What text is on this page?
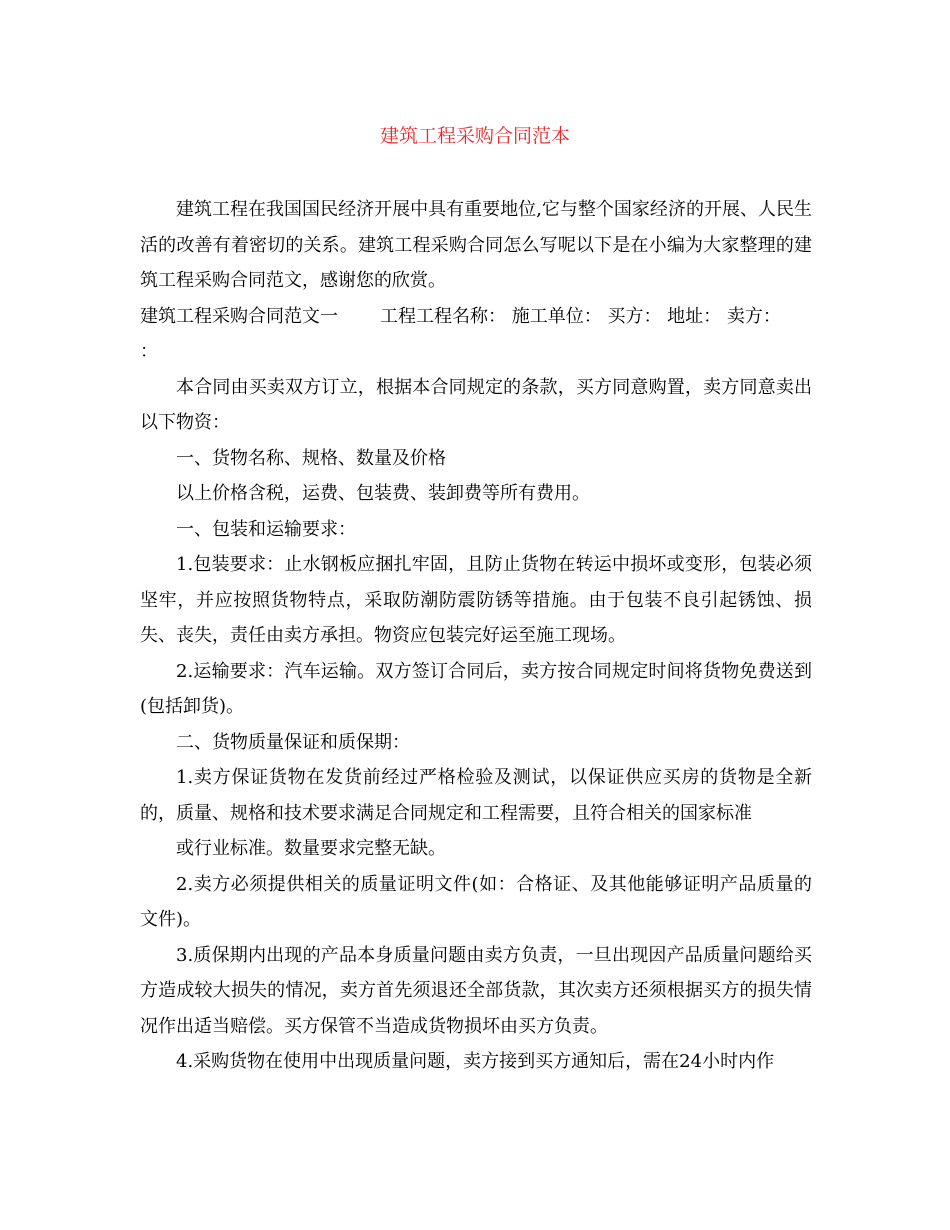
建筑工程采购合同范本

建筑工程在我国国民经济开展中具有重要地位,它与整个国家经济的开展、人民生活的改善有着密切的关系。建筑工程采购合同怎么写呢以下是在小编为大家整理的建筑工程采购合同范文，感谢您的欣赏。

建筑工程采购合同范文一 工程工程名称： 施工单位： 买方： 地址： 卖方：

：

本合同由买卖双方订立，根据本合同规定的条款，买方同意购置，卖方同意卖出以下物资：

一、货物名称、规格、数量及价格

以上价格含税，运费、包装费、装卸费等所有费用。

一、包装和运输要求：

1.包装要求：止水钢板应捆扎牢固，且防止货物在转运中损坏或变形，包装必须坚牢，并应按照货物特点，采取防潮防震防锈等措施。由于包装不良引起锈蚀、损失、丧失，责任由卖方承担。物资应包装完好运至施工现场。

2.运输要求：汽车运输。双方签订合同后，卖方按合同规定时间将货物免费送到(包括卸货)。

二、货物质量保证和质保期：

1.卖方保证货物在发货前经过严格检验及测试，以保证供应买房的货物是全新的，质量、规格和技术要求满足合同规定和工程需要，且符合相关的国家标准

或行业标准。数量要求完整无缺。

2.卖方必须提供相关的质量证明文件(如：合格证、及其他能够证明产品质量的文件)。

3.质保期内出现的产品本身质量问题由卖方负责，一旦出现因产品质量问题给买方造成较大损失的情况，卖方首先须退还全部货款，其次卖方还须根据买方的损失情况作出适当赔偿。买方保管不当造成货物损坏由买方负责。

4.采购货物在使用中出现质量问题，卖方接到买方通知后，需在24小时内作
